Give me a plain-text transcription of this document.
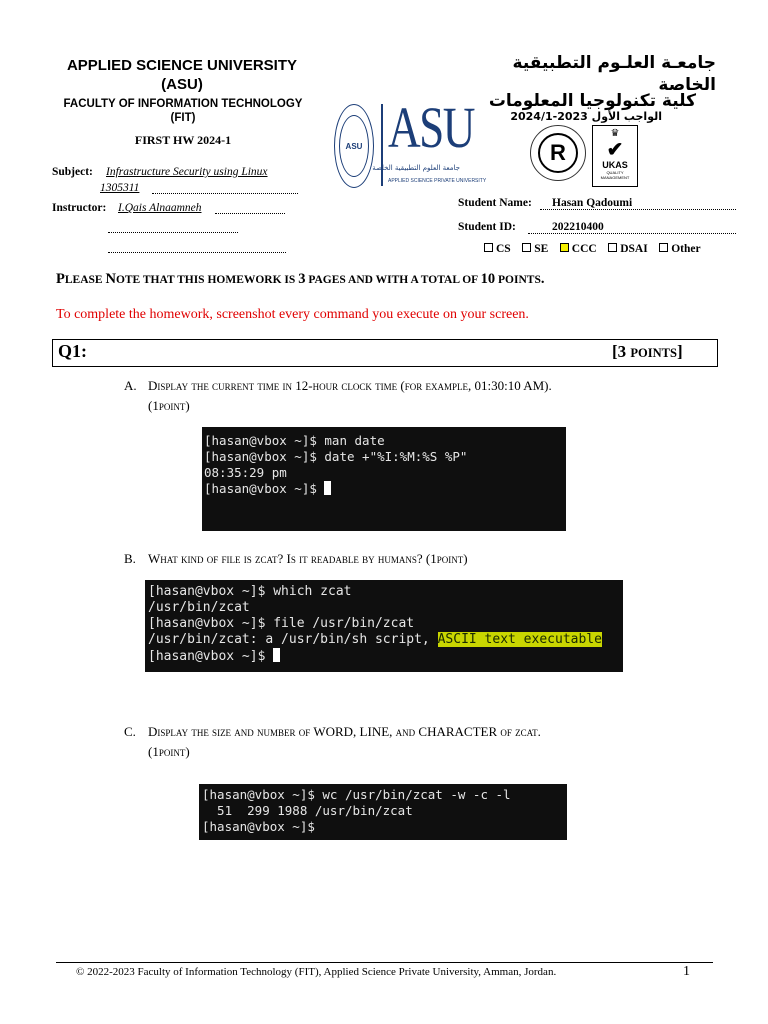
APPLIED SCIENCE UNIVERSITY
(ASU)
FACULTY OF INFORMATION TECHNOLOGY
(FIT)
FIRST HW 2024-1
Subject: Infrastructure Security using Linux
1305311
Instructor: I.Qais Alnaamneh
ASU ASU
جامعة العلوم التطبيقية الخاصة
APPLIED SCIENCE PRIVATE UNIVERSITY
جامعـة العلـوم التطبيقية الخاصة
كلية تكنولوجيا المعلومات
الواجب الأول 2023-2024/1
R
♛
✔
UKAS
QUALITY MANAGEMENT
Student Name: Hasan Qadoumi
Student ID:	202210400
CS SE CCC DSAI Other
PLEASE NOTE THAT THIS HOMEWORK IS 3 PAGES AND WITH A TOTAL OF 10 POINTS.
To complete the homework, screenshot every command you execute on your screen.
Q1:	[3 POINTS]
A. Display the current time in 12-hour clock time (for example, 01:30:10 AM).
(1point)
[hasan@vbox ~]$ man date
[hasan@vbox ~]$ date +"%I:%M:%S %P"
08:35:29 pm
[hasan@vbox ~]$
B. What kind of file is zcat? Is it readable by humans? (1point)
[hasan@vbox ~]$ which zcat
/usr/bin/zcat
[hasan@vbox ~]$ file /usr/bin/zcat
/usr/bin/zcat: a /usr/bin/sh script, ASCII text executable
[hasan@vbox ~]$
C. Display the size and number of WORD, LINE, and CHARACTER of zcat.
(1point)
[hasan@vbox ~]$ wc /usr/bin/zcat -w -c -l
51  299 1988 /usr/bin/zcat
[hasan@vbox ~]$
© 2022-2023 Faculty of Information Technology (FIT), Applied Science Private University, Amman, Jordan.	1
